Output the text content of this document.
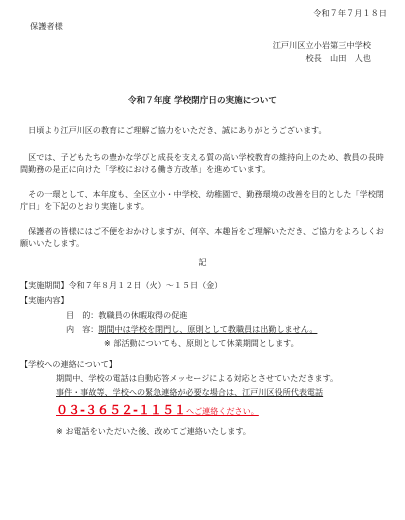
令和７年７月１８日
保護者様
江戸川区立小岩第三中学校
校長　山田　人也
令和７年度 学校閉庁日の実施について
日頃より江戸川区の教育にご理解ご協力をいただき、誠にありがとうございます。
区では、子どもたちの豊かな学びと成長を支える質の高い学校教育の維持向上のため、教員の長時間勤務の是正に向けた「学校における働き方改革」を進めています。
その一環として、本年度も、全区立小・中学校、幼稚園で、勤務環境の改善を目的とした「学校閉庁日」を下記のとおり実施します。
保護者の皆様にはご不便をおかけしますが、何卒、本趣旨をご理解いただき、ご協力をよろしくお願いいたします。
記
【実施期間】令和７年８月１２日（火）～１５日（金）
【実施内容】
目　的：教職員の休暇取得の促進
内　容：期間中は学校を閉門し、原則として教職員は出勤しません。
※ 部活動についても、原則として休業期間とします。
【学校への連絡について】
期間中、学校の電話は自動応答メッセージによる対応とさせていただきます。
事件・事故等、学校への緊急連絡が必要な場合は、江戸川区役所代表電話
０３-３６５２-１１５１へご連絡ください。
※ お電話をいただいた後、改めてご連絡いたします。
